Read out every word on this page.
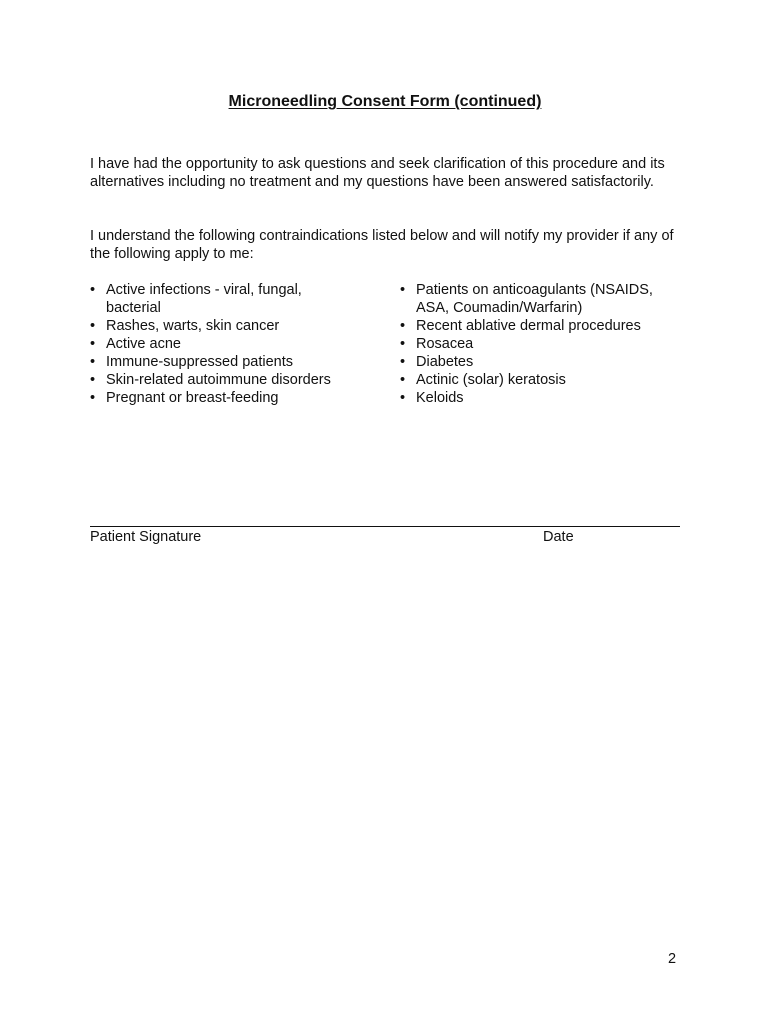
Microneedling Consent Form (continued)
I have had the opportunity to ask questions and seek clarification of this procedure and its alternatives including no treatment and my questions have been answered satisfactorily.
I understand the following contraindications listed below and will notify my provider if any of the following apply to me:
• Active infections - viral, fungal, bacterial
• Rashes, warts, skin cancer
• Active acne
• Immune-suppressed patients
• Skin-related autoimmune disorders
• Pregnant or breast-feeding
• Patients on anticoagulants (NSAIDS, ASA, Coumadin/Warfarin)
• Recent ablative dermal procedures
• Rosacea
• Diabetes
• Actinic (solar) keratosis
• Keloids
Patient Signature	Date
2
